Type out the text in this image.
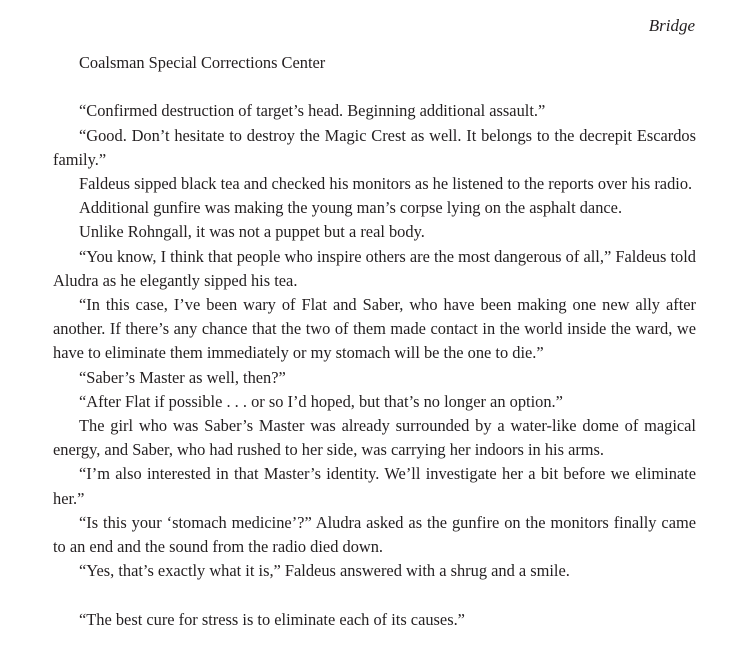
Bridge

Coalsman Special Corrections Center

“Confirmed destruction of target’s head. Beginning additional assault.”

“Good. Don’t hesitate to destroy the Magic Crest as well. It belongs to the decrepit Escardos family.”

Faldeus sipped black tea and checked his monitors as he listened to the reports over his radio.

Additional gunfire was making the young man’s corpse lying on the asphalt dance.

Unlike Rohngall, it was not a puppet but a real body.

“You know, I think that people who inspire others are the most dangerous of all,” Faldeus told Aludra as he elegantly sipped his tea.

“In this case, I’ve been wary of Flat and Saber, who have been making one new ally after another. If there’s any chance that the two of them made contact in the world inside the ward, we have to eliminate them immediately or my stomach will be the one to die.”

“Saber’s Master as well, then?”

“After Flat if possible . . . or so I’d hoped, but that’s no longer an option.”

The girl who was Saber’s Master was already surrounded by a water-like dome of magical energy, and Saber, who had rushed to her side, was carrying her indoors in his arms.

“I’m also interested in that Master’s identity. We’ll investigate her a bit before we eliminate her.”

“Is this your ‘stomach medicine’?” Aludra asked as the gunfire on the monitors finally came to an end and the sound from the radio died down.

“Yes, that’s exactly what it is,” Faldeus answered with a shrug and a smile.

“The best cure for stress is to eliminate each of its causes.”
